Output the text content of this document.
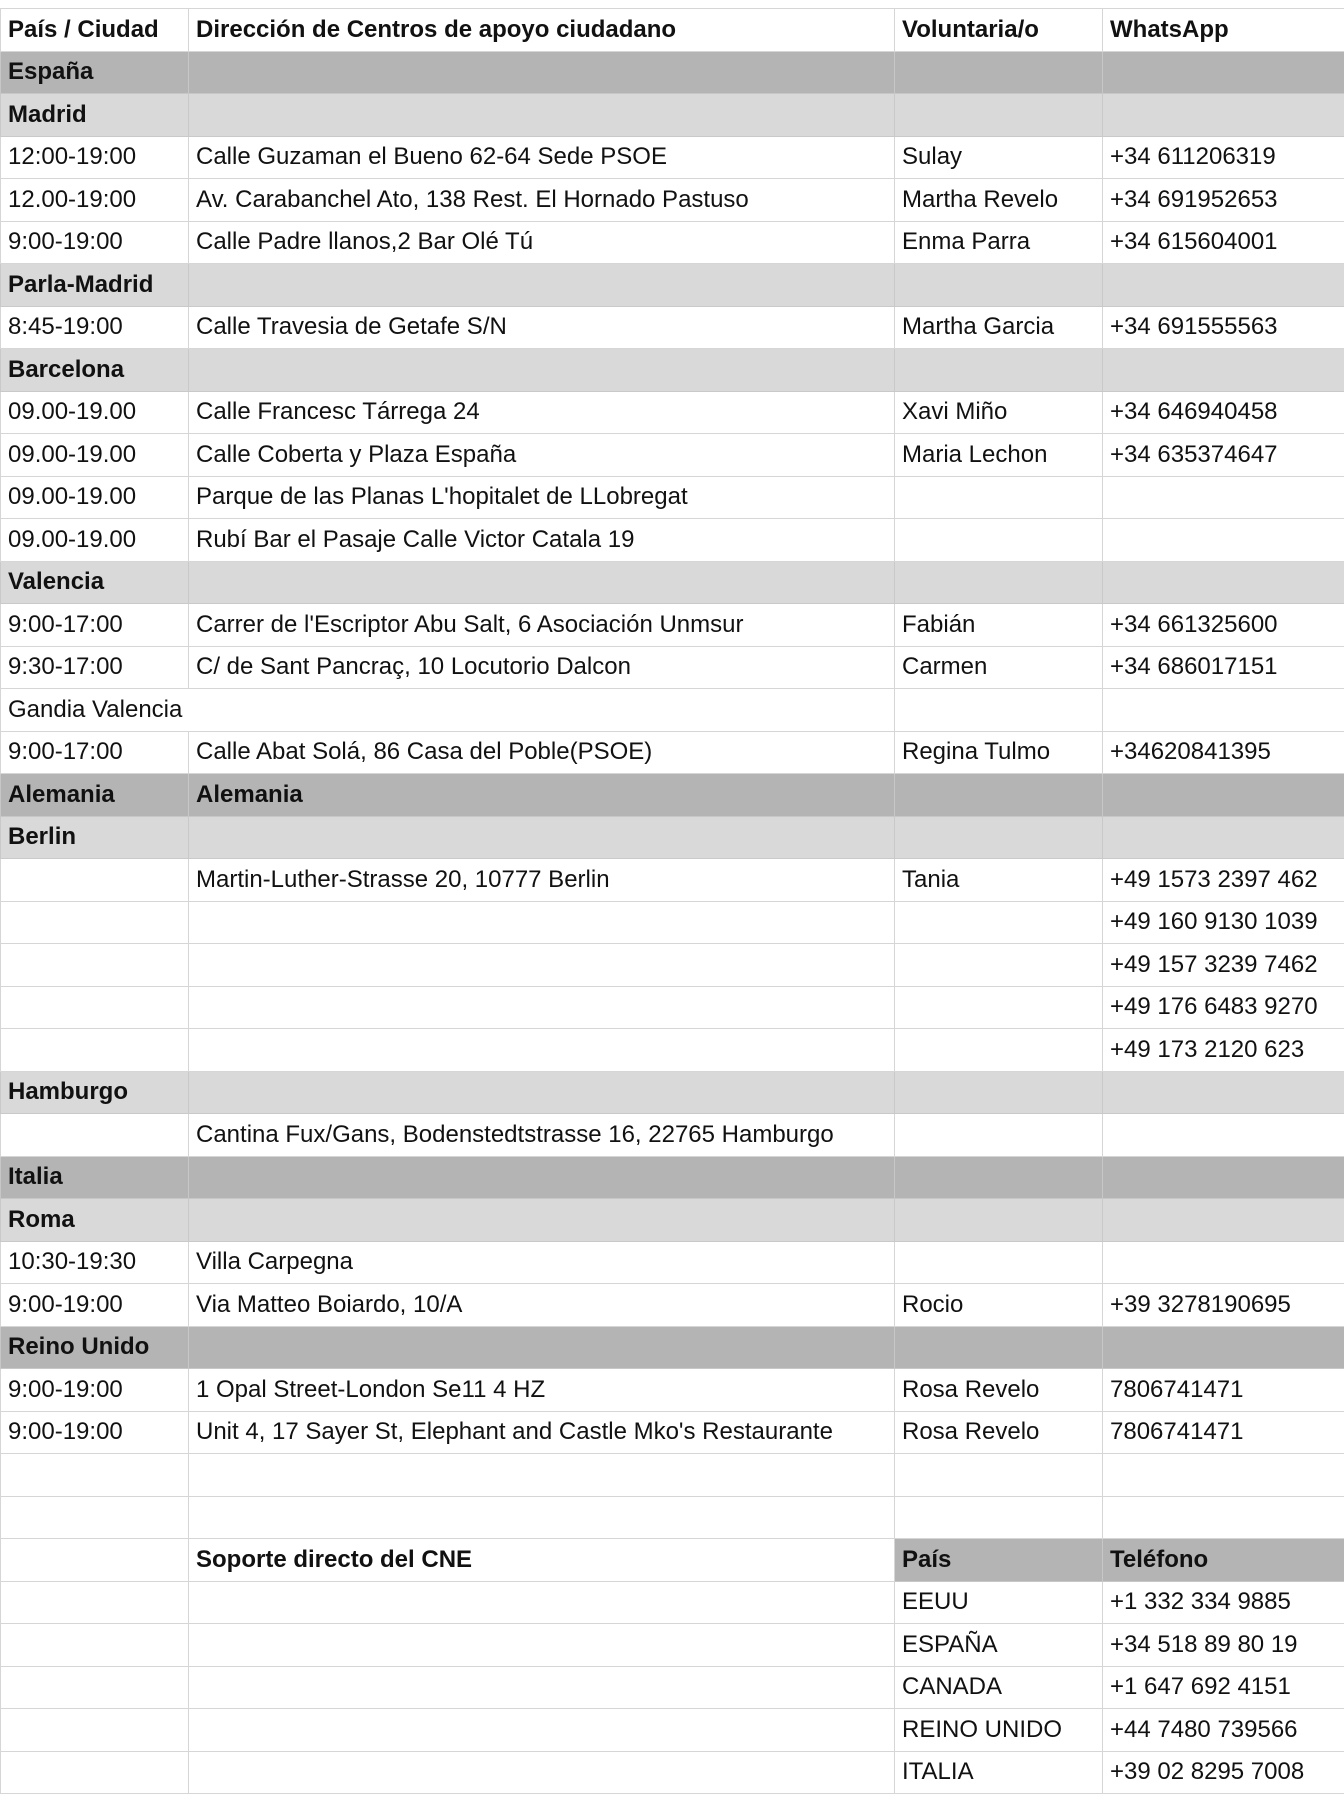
País / Ciudad	Dirección de Centros de apoyo ciudadano	Voluntaria/o	WhatsApp
España			
Madrid			
12:00-19:00	Calle Guzaman el Bueno 62-64 Sede PSOE	Sulay	+34 611206319
12.00-19:00	Av. Carabanchel Ato, 138 Rest. El Hornado Pastuso	Martha Revelo	+34 691952653
9:00-19:00	Calle Padre llanos,2 Bar Olé Tú	Enma Parra	+34 615604001
Parla-Madrid			
8:45-19:00	Calle Travesia de Getafe S/N	Martha Garcia	+34 691555563
Barcelona			
09.00-19.00	Calle Francesc Tárrega 24	Xavi Miño	+34 646940458
09.00-19.00	Calle Coberta y Plaza España	Maria Lechon	+34 635374647
09.00-19.00	Parque de las Planas L'hopitalet de LLobregat		
09.00-19.00	Rubí Bar el Pasaje Calle Victor Catala 19		
Valencia			
9:00-17:00	Carrer de l'Escriptor Abu Salt, 6 Asociación Unmsur	Fabián	+34 661325600
9:30-17:00	C/ de Sant Pancraç, 10 Locutorio Dalcon	Carmen	+34 686017151
Gandia Valencia			
9:00-17:00	Calle Abat Solá, 86 Casa del Poble(PSOE)	Regina Tulmo	+34620841395
Alemania	Alemania		
Berlin			
	Martin-Luther-Strasse 20, 10777 Berlin	Tania	+49 1573 2397 462
			+49 160 9130 1039
			+49 157 3239 7462
			+49 176 6483 9270
			+49 173 2120 623
Hamburgo			
	Cantina Fux/Gans, Bodenstedtstrasse 16, 22765 Hamburgo		
Italia			
Roma			
10:30-19:30	Villa Carpegna		
9:00-19:00	Via Matteo Boiardo, 10/A	Rocio	+39 3278190695
Reino Unido			
9:00-19:00	1 Opal Street-London Se11 4 HZ	Rosa Revelo	7806741471
9:00-19:00	Unit 4, 17 Sayer St, Elephant and Castle Mko's Restaurante	Rosa Revelo	7806741471

	Soporte directo del CNE	País	Teléfono
		EEUU	+1 332 334 9885
		ESPAÑA	+34 518 89 80 19
		CANADA	+1 647 692 4151
		REINO UNIDO	+44 7480 739566
		ITALIA	+39 02 8295 7008
